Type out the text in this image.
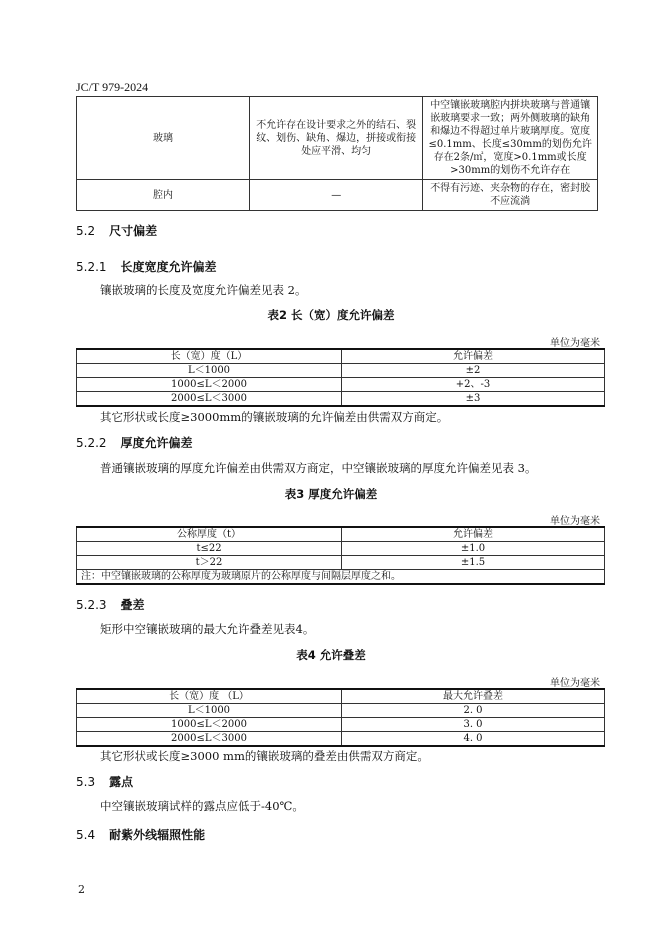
JC/T 979-2024
玻璃	不允许存在设计要求之外的结石、裂纹、划伤、缺角、爆边，拼接或衔接处应平滑、均匀	中空镶嵌玻璃腔内拼块玻璃与普通镶嵌玻璃要求一致；两外侧玻璃的缺角和爆边不得超过单片玻璃厚度。宽度≤0.1mm、长度≤30mm的划伤允许存在2条/㎡，宽度>0.1mm或长度>30mm的划伤不允许存在
腔内	—	不得有污迹、夹杂物的存在，密封胶不应流淌
5.2 尺寸偏差
5.2.1 长度宽度允许偏差
镶嵌玻璃的长度及宽度允许偏差见表 2。
表2 长（宽）度允许偏差
单位为毫米
长（宽）度（L）	允许偏差
L＜1000	±2
1000≤L＜2000	+2、-3
2000≤L＜3000	±3
其它形状或长度≥3000mm的镶嵌玻璃的允许偏差由供需双方商定。
5.2.2 厚度允许偏差
普通镶嵌玻璃的厚度允许偏差由供需双方商定，中空镶嵌玻璃的厚度允许偏差见表 3。
表3 厚度允许偏差
单位为毫米
公称厚度（t）	允许偏差
t≤22	±1.0
t＞22	±1.5
注：中空镶嵌玻璃的公称厚度为玻璃原片的公称厚度与间隔层厚度之和。	
5.2.3 叠差
矩形中空镶嵌玻璃的最大允许叠差见表4。
表4 允许叠差
单位为毫米
长（宽）度 （L）	最大允许叠差
L＜1000	2. 0
1000≤L＜2000	3. 0
2000≤L＜3000	4. 0
其它形状或长度≥3000 mm的镶嵌玻璃的叠差由供需双方商定。
5.3 露点
中空镶嵌玻璃试样的露点应低于-40℃。
5.4 耐紫外线辐照性能
2
